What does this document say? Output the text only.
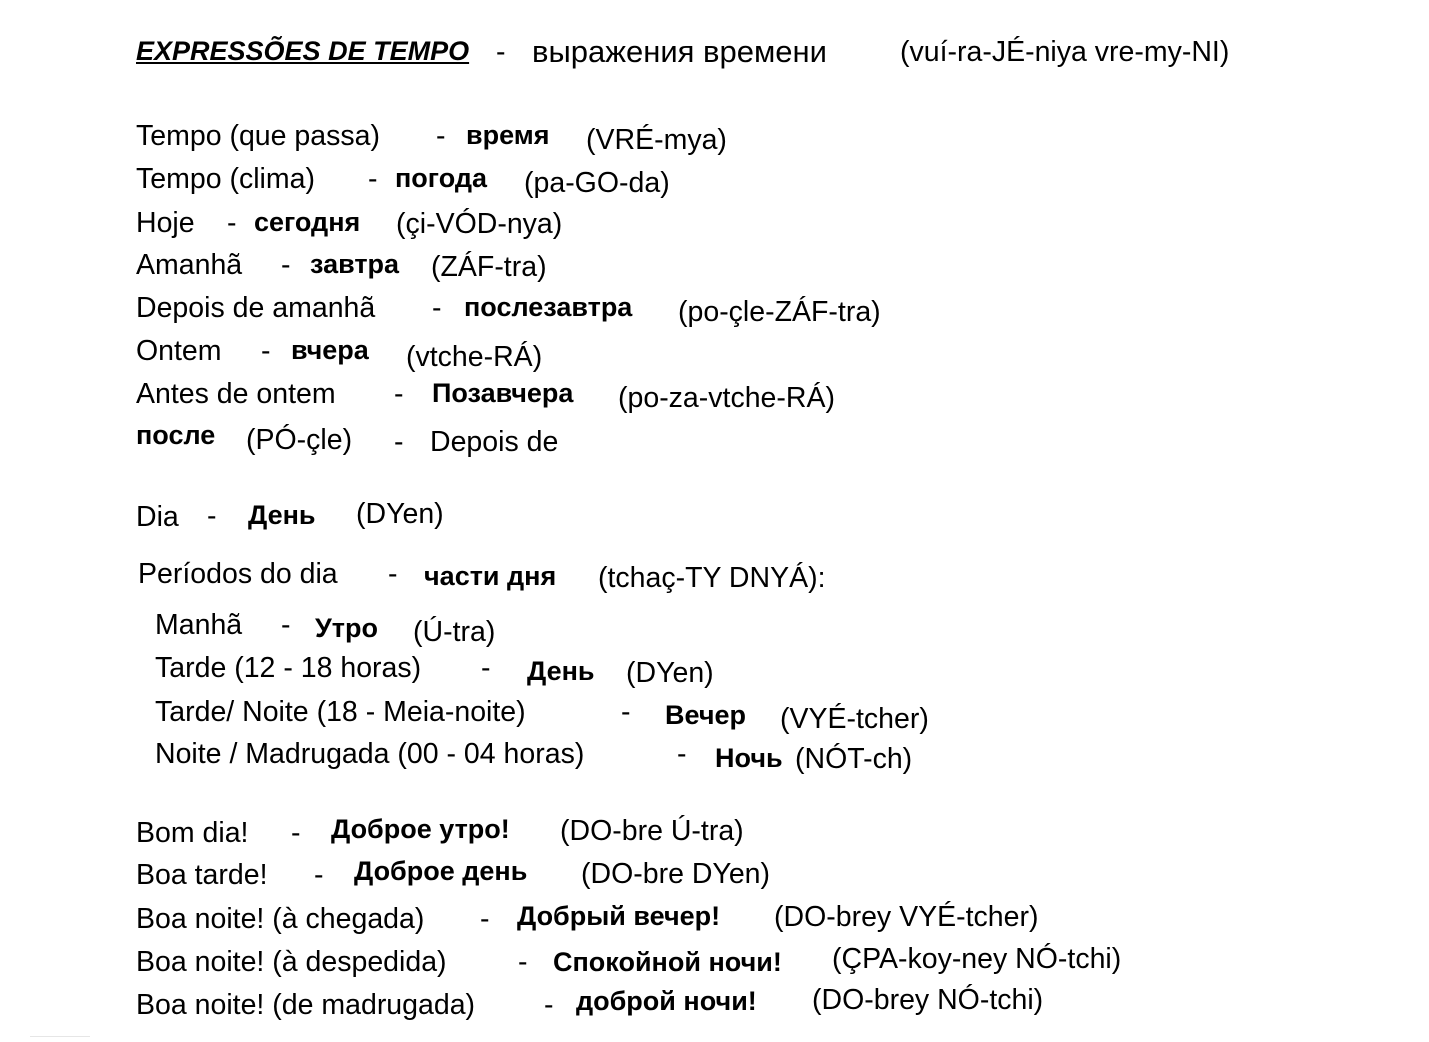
EXPRESSÕES DE TEMPO - выражения времени	(vuí-ra-JÉ-niya vre-my-NI)
Tempo (que passa) - время (VRÉ-mya)
Tempo (clima) - погода (pa-GO-da)
Hoje - сегодня (çi-VÓD-nya)
Amanhã - завтра (ZÁF-tra)
Depois de amanhã - послезавтра (po-çle-ZÁF-tra)
Ontem - вчера (vtche-RÁ)
Antes de ontem - Позавчера (po-za-vtche-RÁ)
после (PÓ-çle) - Depois de
Dia - День (DYen)
Períodos do dia - части дня (tchaç-TY DNYÁ):
Manhã - Утро (Ú-tra)
Tarde (12 - 18 horas) - День (DYen)
Tarde/ Noite (18 - Meia-noite)	- Вечер (VYÉ-tcher)
Noite / Madrugada (00 - 04 horas)	- Ночь (NÓT-ch)
Bom dia! - Доброе утро! (DO-bre Ú-tra)
Boa tarde! - Доброе день (DO-bre DYen)
Boa noite! (à chegada) - Добрый вечер! (DO-brey VYÉ-tcher)
Boa noite! (à despedida)	- Спокойной ночи! (ÇPA-koy-ney NÓ-tchi)
Boa noite! (de madrugada) - доброй ночи! (DO-brey NÓ-tchi)
